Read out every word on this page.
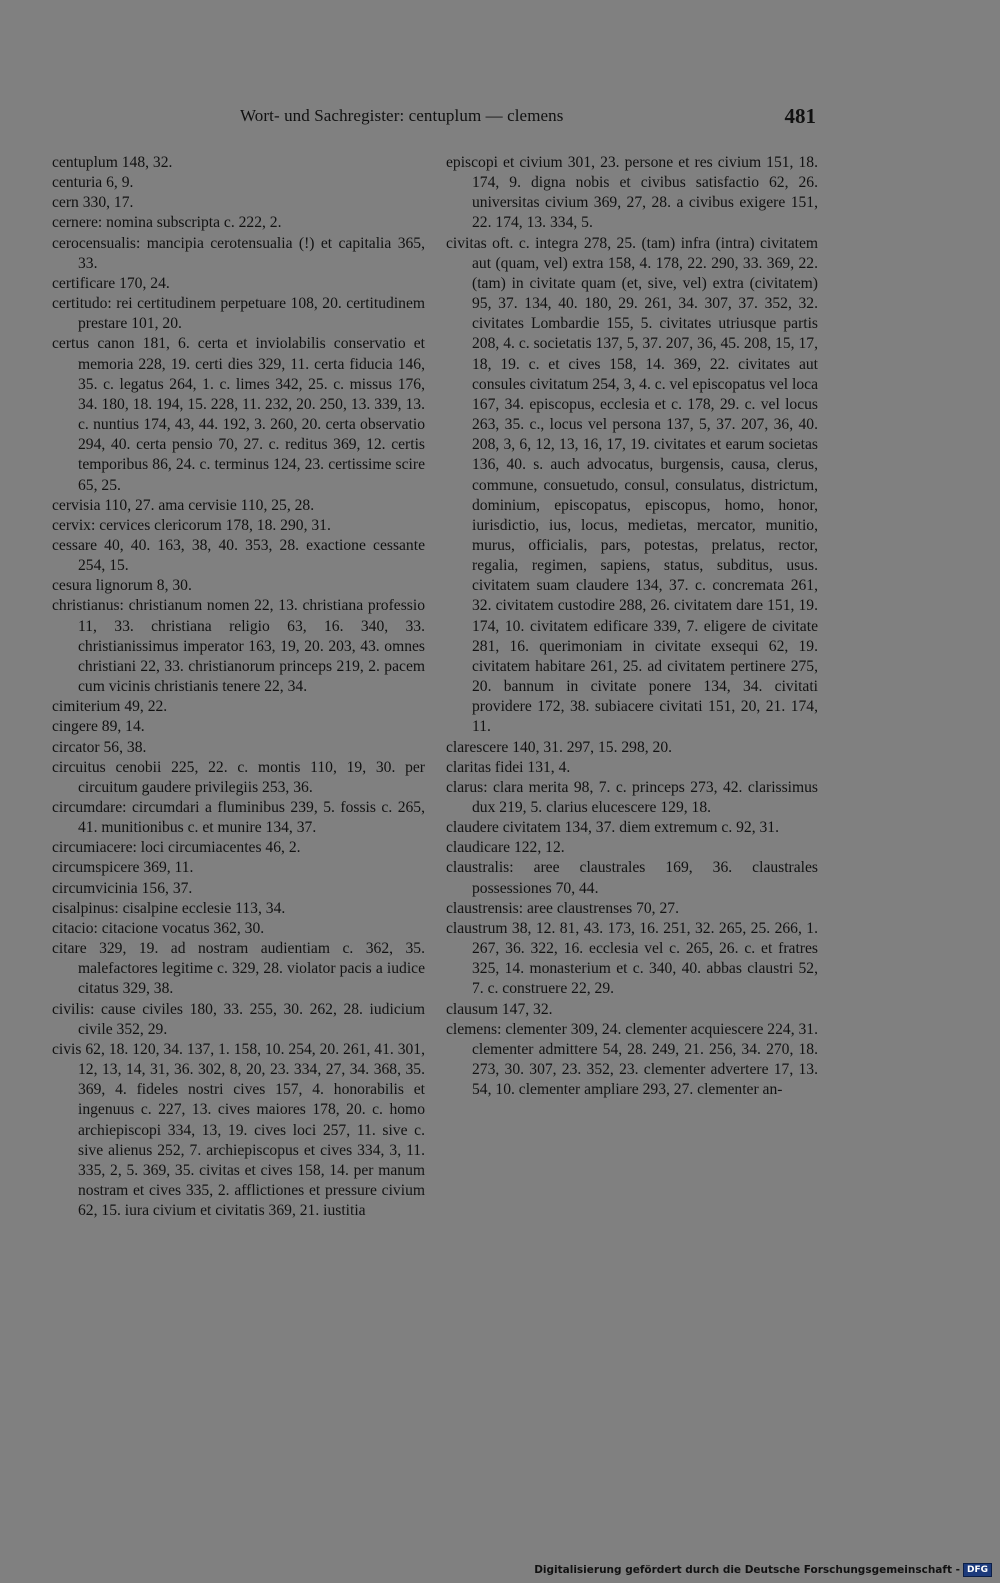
Wort- und Sachregister: centuplum — clemens	481

centuplum 148, 32.

centuria 6, 9.

cern 330, 17.

cernere: nomina subscripta c. 222, 2.

cerocensualis: mancipia cerotensualia (!) et capitalia 365, 33.

certificare 170, 24.

certitudo: rei certitudinem perpetuare 108, 20. certitudinem prestare 101, 20.

certus canon 181, 6. certa et inviolabilis conservatio et memoria 228, 19. certi dies 329, 11. certa fiducia 146, 35. c. legatus 264, 1. c. limes 342, 25. c. missus 176, 34. 180, 18. 194, 15. 228, 11. 232, 20. 250, 13. 339, 13. c. nuntius 174, 43, 44. 192, 3. 260, 20. certa observatio 294, 40. certa pensio 70, 27. c. reditus 369, 12. certis temporibus 86, 24. c. terminus 124, 23. certissime scire 65, 25.

cervisia 110, 27. ama cervisie 110, 25, 28.

cervix: cervices clericorum 178, 18. 290, 31.

cessare 40, 40. 163, 38, 40. 353, 28. exactione cessante 254, 15.

cesura lignorum 8, 30.

christianus: christianum nomen 22, 13. christiana professio 11, 33. christiana religio 63, 16. 340, 33. christianissimus imperator 163, 19, 20. 203, 43. omnes christiani 22, 33. christianorum princeps 219, 2. pacem cum vicinis christianis tenere 22, 34.

cimiterium 49, 22.

cingere 89, 14.

circator 56, 38.

circuitus cenobii 225, 22. c. montis 110, 19, 30. per circuitum gaudere privilegiis 253, 36.

circumdare: circumdari a fluminibus 239, 5. fossis c. 265, 41. munitionibus c. et munire 134, 37.

circumiacere: loci circumiacentes 46, 2.

circumspicere 369, 11.

circumvicinia 156, 37.

cisalpinus: cisalpine ecclesie 113, 34.

citacio: citacione vocatus 362, 30.

citare 329, 19. ad nostram audientiam c. 362, 35. malefactores legitime c. 329, 28. violator pacis a iudice citatus 329, 38.

civilis: cause civiles 180, 33. 255, 30. 262, 28. iudicium civile 352, 29.

civis 62, 18. 120, 34. 137, 1. 158, 10. 254, 20. 261, 41. 301, 12, 13, 14, 31, 36. 302, 8, 20, 23. 334, 27, 34. 368, 35. 369, 4. fideles nostri cives 157, 4. honorabilis et ingenuus c. 227, 13. cives maiores 178, 20. c. homo archiepiscopi 334, 13, 19. cives loci 257, 11. sive c. sive alienus 252, 7. archiepiscopus et cives 334, 3, 11. 335, 2, 5. 369, 35. civitas et cives 158, 14. per manum nostram et cives 335, 2. afflictiones et pressure civium 62, 15. iura civium et civitatis 369, 21. iustitia

episcopi et civium 301, 23. persone et res civium 151, 18. 174, 9. digna nobis et civibus satisfactio 62, 26. universitas civium 369, 27, 28. a civibus exigere 151, 22. 174, 13. 334, 5.

civitas oft. c. integra 278, 25. (tam) infra (intra) civitatem aut (quam, vel) extra 158, 4. 178, 22. 290, 33. 369, 22. (tam) in civitate quam (et, sive, vel) extra (civitatem) 95, 37. 134, 40. 180, 29. 261, 34. 307, 37. 352, 32. civitates Lombardie 155, 5. civitates utriusque partis 208, 4. c. societatis 137, 5, 37. 207, 36, 45. 208, 15, 17, 18, 19. c. et cives 158, 14. 369, 22. civitates aut consules civitatum 254, 3, 4. c. vel episcopatus vel loca 167, 34. episcopus, ecclesia et c. 178, 29. c. vel locus 263, 35. c., locus vel persona 137, 5, 37. 207, 36, 40. 208, 3, 6, 12, 13, 16, 17, 19. civitates et earum societas 136, 40. s. auch advocatus, burgensis, causa, clerus, commune, consuetudo, consul, consulatus, districtum, dominium, episcopatus, episcopus, homo, honor, iurisdictio, ius, locus, medietas, mercator, munitio, murus, officialis, pars, potestas, prelatus, rector, regalia, regimen, sapiens, status, subditus, usus. civitatem suam claudere 134, 37. c. concremata 261, 32. civitatem custodire 288, 26. civitatem dare 151, 19. 174, 10. civitatem edificare 339, 7. eligere de civitate 281, 16. querimoniam in civitate exsequi 62, 19. civitatem habitare 261, 25. ad civitatem pertinere 275, 20. bannum in civitate ponere 134, 34. civitati providere 172, 38. subiacere civitati 151, 20, 21. 174, 11.

clarescere 140, 31. 297, 15. 298, 20.

claritas fidei 131, 4.

clarus: clara merita 98, 7. c. princeps 273, 42. clarissimus dux 219, 5. clarius elucescere 129, 18.

claudere civitatem 134, 37. diem extremum c. 92, 31.

claudicare 122, 12.

claustralis: aree claustrales 169, 36. claustrales possessiones 70, 44.

claustrensis: aree claustrenses 70, 27.

claustrum 38, 12. 81, 43. 173, 16. 251, 32. 265, 25. 266, 1. 267, 36. 322, 16. ecclesia vel c. 265, 26. c. et fratres 325, 14. monasterium et c. 340, 40. abbas claustri 52, 7. c. construere 22, 29.

clausum 147, 32.

clemens: clementer 309, 24. clementer acquiescere 224, 31. clementer admittere 54, 28. 249, 21. 256, 34. 270, 18. 273, 30. 307, 23. 352, 23. clementer advertere 17, 13. 54, 10. clementer ampliare 293, 27. clementer an-

Digitalisierung gefördert durch die Deutsche Forschungsgemeinschaft - DFG
